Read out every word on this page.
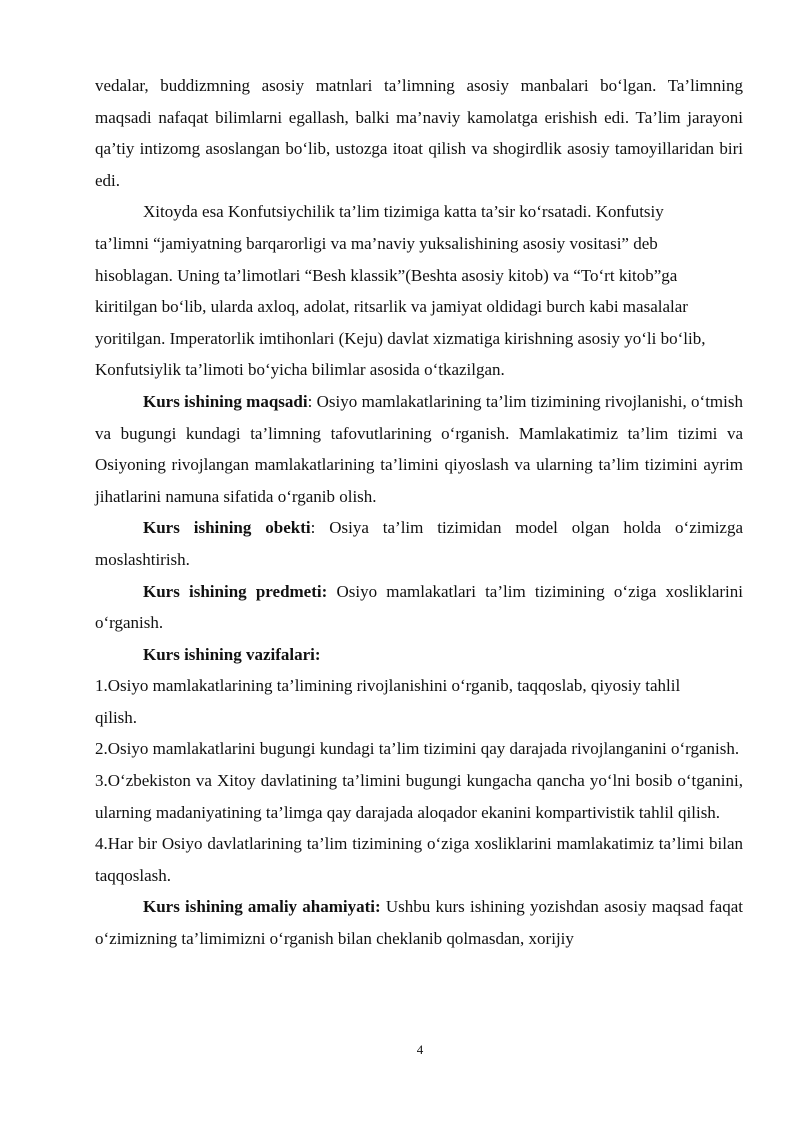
vedalar, buddizmning asosiy matnlari ta’limning asosiy manbalari bo‘lgan. Ta’limning maqsadi nafaqat bilimlarni egallash, balki ma’naviy kamolatga erishish edi. Ta’lim jarayoni qa’tiy intizomg asoslangan bo‘lib, ustozga itoat qilish va shogirdlik asosiy tamoyillaridan biri edi.

Xitoyda esa Konfutsiychilik ta’lim tizimiga katta ta’sir ko‘rsatadi. Konfutsiy ta’limni “jamiyatning barqarorligi va ma’naviy yuksalishining asosiy vositasi” deb hisoblagan. Uning ta’limotlari “Besh klassik”(Beshta asosiy kitob) va “To‘rt kitob”ga kiritilgan bo‘lib, ularda axloq, adolat, ritsarlik va jamiyat oldidagi burch kabi masalalar yoritilgan. Imperatorlik imtihonlari (Keju) davlat xizmatiga kirishning asosiy yo‘li bo‘lib, Konfutsiylik ta’limoti bo‘yicha bilimlar asosida o‘tkazilgan.

Kurs ishining maqsadi: Osiyo mamlakatlarining ta’lim tizimining rivojlanishi, o‘tmish va bugungi kundagi ta’limning tafovutlarining o‘rganish. Mamlakatimiz ta’lim tizimi va Osiyoning rivojlangan mamlakatlarining ta’limini qiyoslash va ularning ta’lim tizimini ayrim jihatlarini namuna sifatida o‘rganib olish.

Kurs ishining obekti: Osiya ta’lim tizimidan model olgan holda o‘zimizga moslashtirish.

Kurs ishining predmeti: Osiyo mamlakatlari ta’lim tizimining o‘ziga xosliklarini o‘rganish.

Kurs ishining vazifalari:

1.Osiyo mamlakatlarining ta’limining rivojlanishini o‘rganib, taqqoslab, qiyosiy tahlil qilish.

2.Osiyo mamlakatlarini bugungi kundagi ta’lim tizimini qay darajada rivojlanganini o‘rganish.

3.O‘zbekiston va Xitoy davlatining ta’limini bugungi kungacha qancha yo‘lni bosib o‘tganini, ularning madaniyatining ta’limga qay darajada aloqador ekanini kompartivistik tahlil qilish.

4.Har bir Osiyo davlatlarining ta’lim tizimining o‘ziga xosliklarini mamlakatimiz ta’limi bilan taqqoslash.

Kurs ishining amaliy ahamiyati: Ushbu kurs ishining yozishdan asosiy maqsad faqat o‘zimizning ta’limimizni o‘rganish bilan cheklanib qolmasdan, xorijiy

4
